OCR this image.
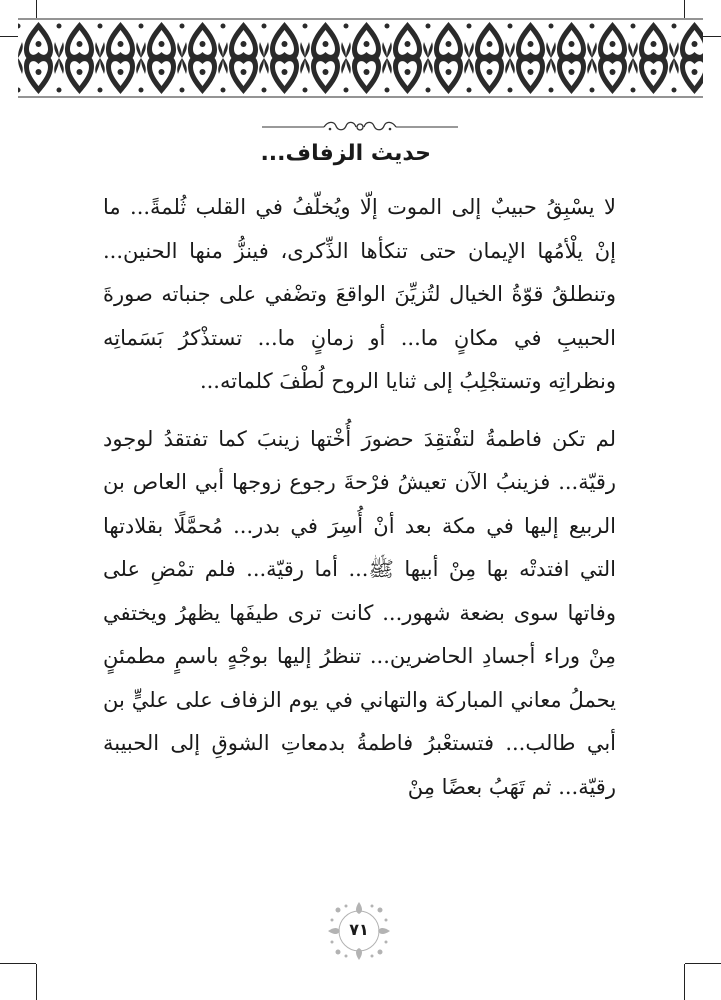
حديث الزفاف...

لا يسْبِقُ حبيبٌ إلى الموت إلّا ويُخلّفُ في القلب ثُلمةً... ما إنْ يلْأمُها الإيمان حتى تنكأها الذِّكرى، فينزُّ منها الحنين... وتنطلقُ قوّةُ الخيال لتُزيِّنَ الواقعَ وتضْفي على جنباته صورةَ الحبيبِ في مكانٍ ما... أو زمانٍ ما... تستذْكرُ بَسَماتِه ونظراتِه وتستجْلِبُ إلى ثنايا الروح لُطْفَ كلماته...

لم تكن فاطمةُ لتفْتقِدَ حضورَ أُخْتها زينبَ كما تفتقدُ لوجود رقيّة... فزينبُ الآن تعيشُ فرْحةَ رجوع زوجها أبي العاص بن الربيع إليها في مكة بعد أنْ أُسِرَ في بدر... مُحمَّلًا بقلادتها التي افتدتْه بها مِنْ أبيها ﷺ... أما رقيّة... فلم تمْضِ على وفاتها سوى بضعة شهور... كانت ترى طيفَها يظهرُ ويختفي مِنْ وراء أجسادِ الحاضرين... تنظرُ إليها بوجْهٍ باسمٍ مطمئنٍ يحملُ معاني المباركة والتهاني في يوم الزفاف على عليٍّ بن أبي طالب... فتستعْبرُ فاطمةُ بدمعاتِ الشوقِ إلى الحبيبة رقيّة... ثم تَهَبُ بعضًا مِنْ

٧١
